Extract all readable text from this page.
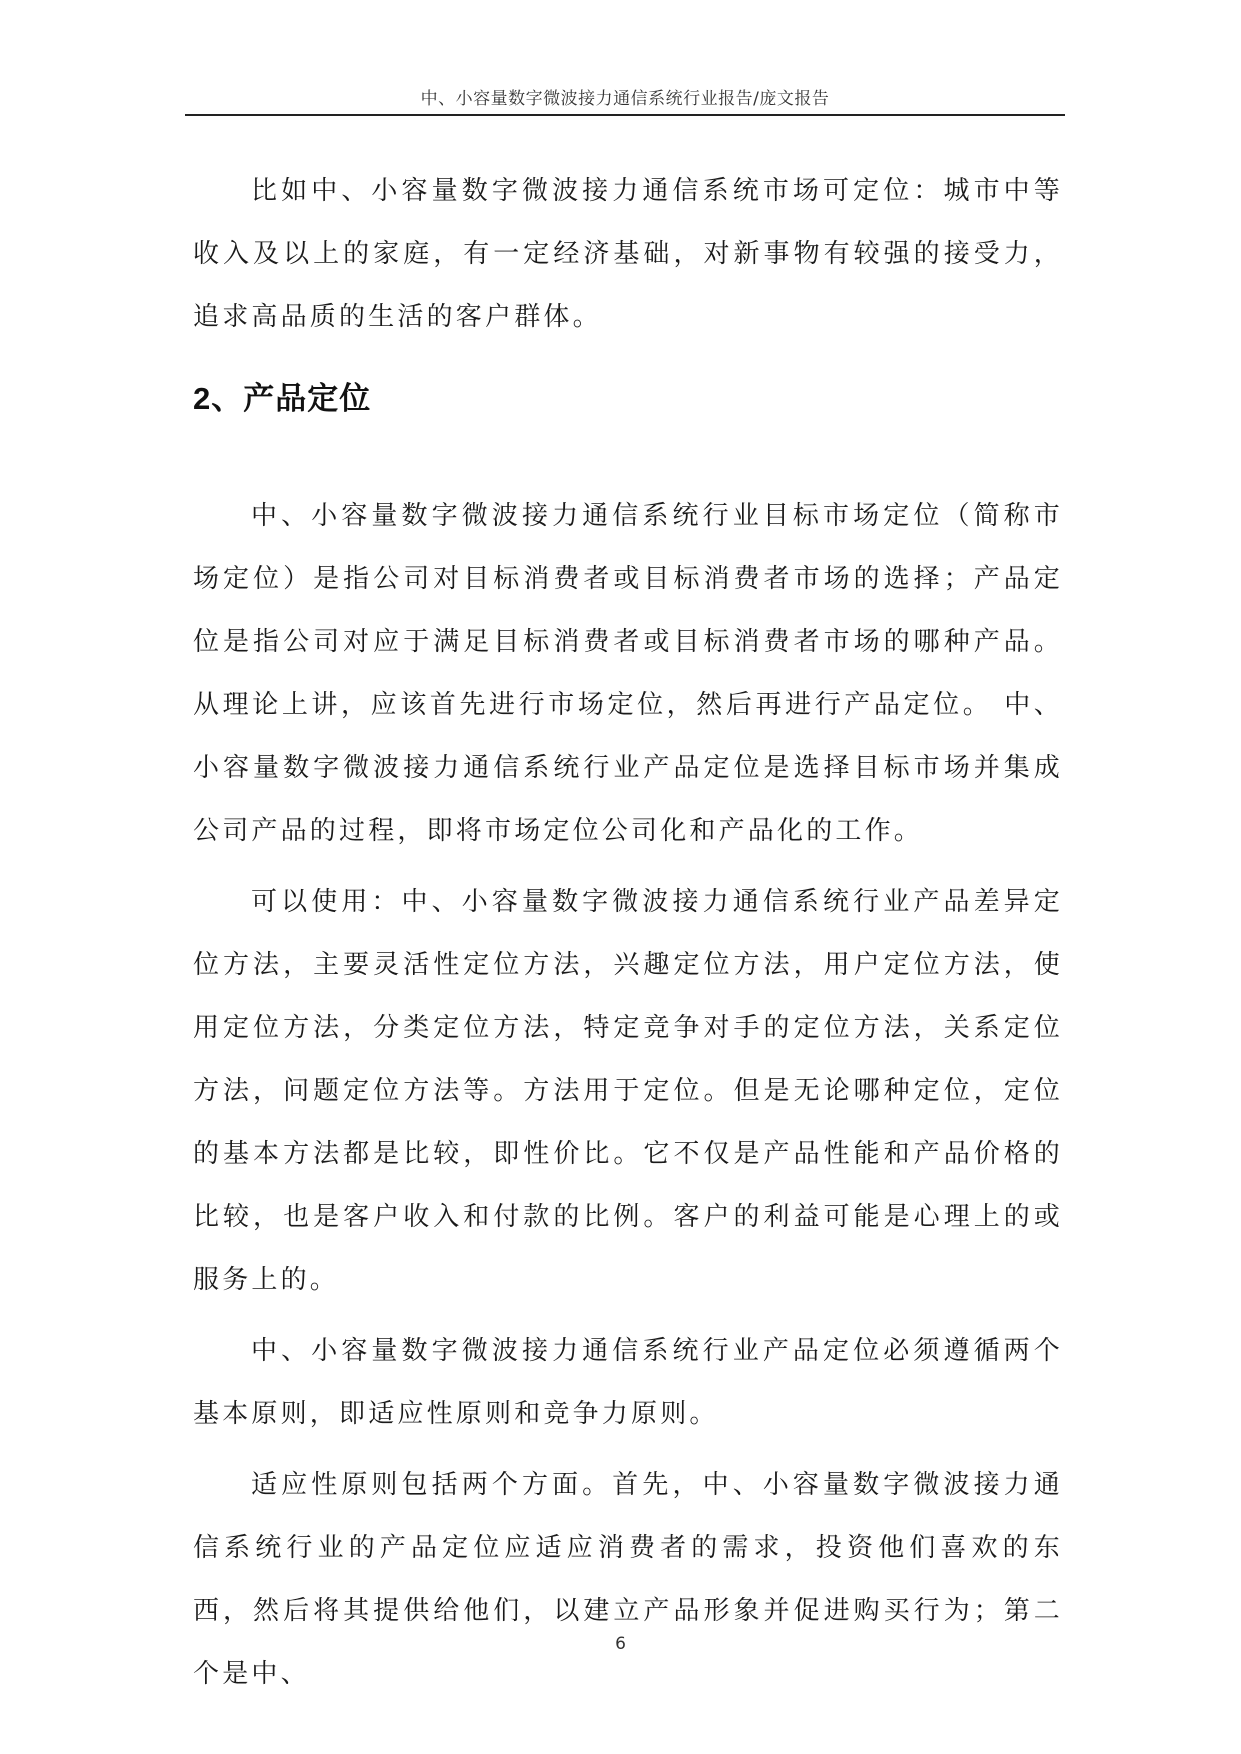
中、小容量数字微波接力通信系统行业报告/庞文报告

比如中、小容量数字微波接力通信系统市场可定位：城市中等收入及以上的家庭，有一定经济基础，对新事物有较强的接受力，追求高品质的生活的客户群体。

2、产品定位

中、小容量数字微波接力通信系统行业目标市场定位（简称市场定位）是指公司对目标消费者或目标消费者市场的选择；产品定位是指公司对应于满足目标消费者或目标消费者市场的哪种产品。从理论上讲，应该首先进行市场定位，然后再进行产品定位。 中、小容量数字微波接力通信系统行业产品定位是选择目标市场并集成公司产品的过程，即将市场定位公司化和产品化的工作。

可以使用：中、小容量数字微波接力通信系统行业产品差异定位方法，主要灵活性定位方法，兴趣定位方法，用户定位方法，使用定位方法，分类定位方法，特定竞争对手的定位方法，关系定位方法，问题定位方法等。方法用于定位。但是无论哪种定位，定位的基本方法都是比较，即性价比。它不仅是产品性能和产品价格的比较，也是客户收入和付款的比例。客户的利益可能是心理上的或服务上的。

中、小容量数字微波接力通信系统行业产品定位必须遵循两个基本原则，即适应性原则和竞争力原则。

适应性原则包括两个方面。首先，中、小容量数字微波接力通信系统行业的产品定位应适应消费者的需求，投资他们喜欢的东西，然后将其提供给他们，以建立产品形象并促进购买行为；第二个是中、

6
